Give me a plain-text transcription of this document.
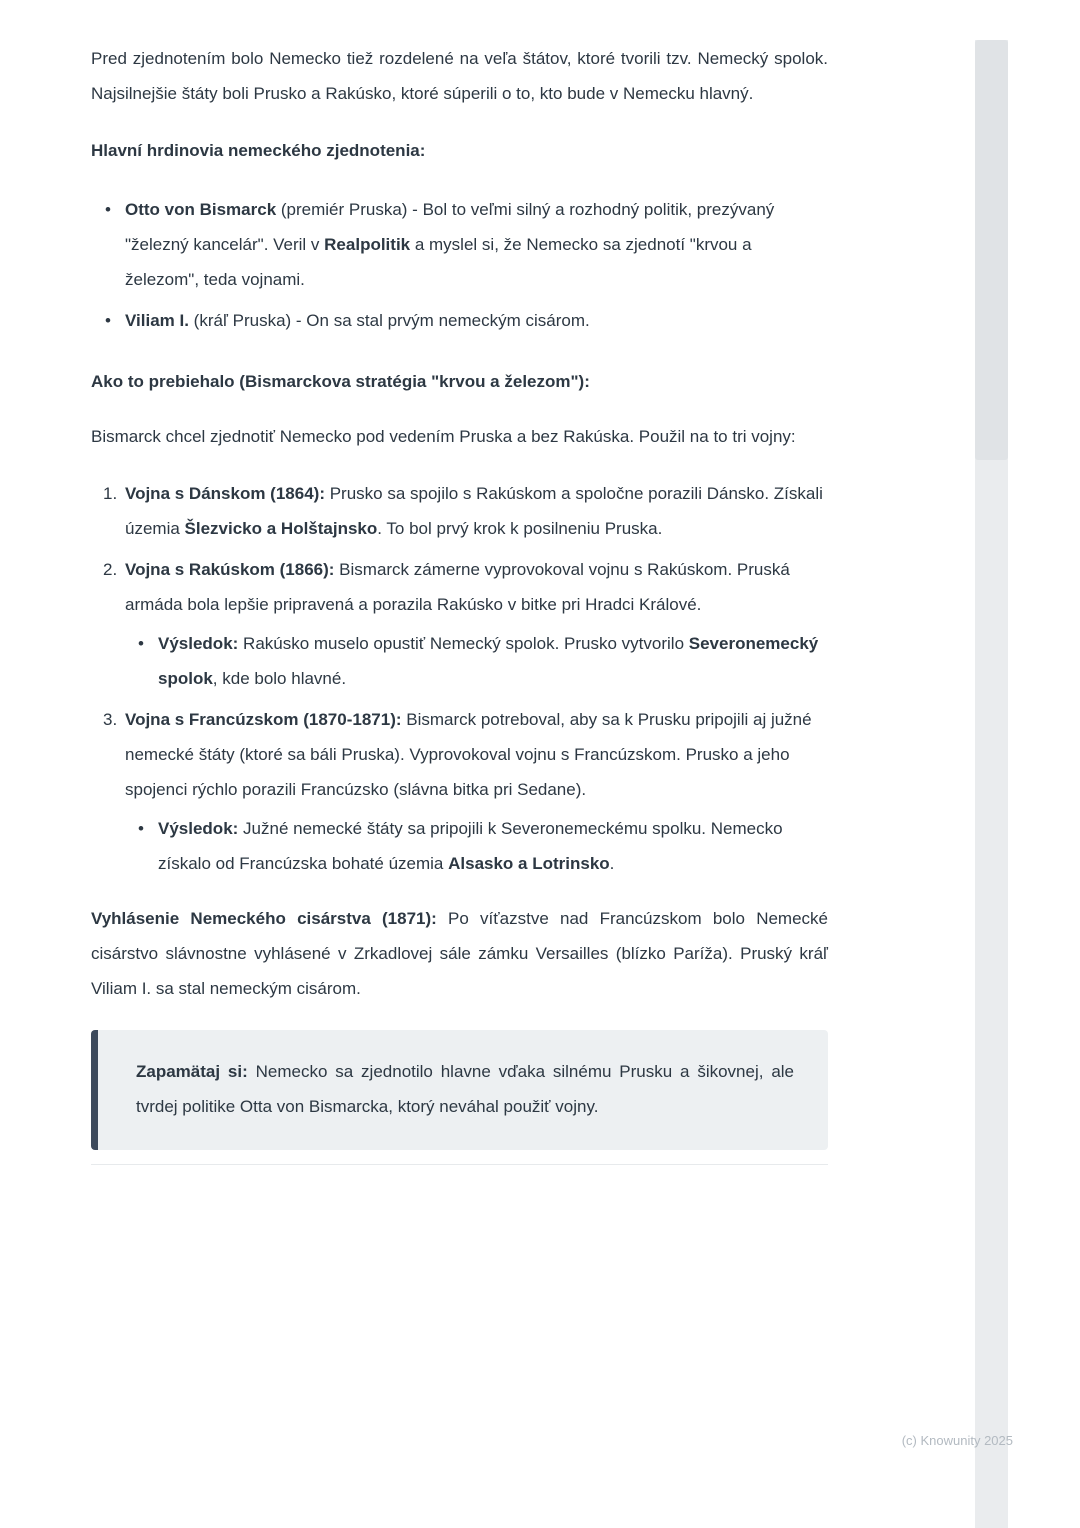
Pred zjednotením bolo Nemecko tiež rozdelené na veľa štátov, ktoré tvorili tzv. Nemecký spolok. Najsilnejšie štáty boli Prusko a Rakúsko, ktoré súperili o to, kto bude v Nemecku hlavný.

Hlavní hrdinovia nemeckého zjednotenia:

•
Otto von Bismarck (premiér Pruska) - Bol to veľmi silný a rozhodný politik, prezývaný "železný kancelár". Veril v Realpolitik a myslel si, že Nemecko sa zjednotí "krvou a železom", teda vojnami.
•
Viliam I. (kráľ Pruska) - On sa stal prvým nemeckým cisárom.

Ako to prebiehalo (Bismarckova stratégia "krvou a železom"):

Bismarck chcel zjednotiť Nemecko pod vedením Pruska a bez Rakúska. Použil na to tri vojny:

1. Vojna s Dánskom (1864): Prusko sa spojilo s Rakúskom a spoločne porazili Dánsko. Získali územia Šlezvicko a Holštajnsko. To bol prvý krok k posilneniu Pruska.
2. Vojna s Rakúskom (1866): Bismarck zámerne vyprovokoval vojnu s Rakúskom. Pruská armáda bola lepšie pripravená a porazila Rakúsko v bitke pri Hradci Králové.
•
Výsledok: Rakúsko muselo opustiť Nemecký spolok. Prusko vytvorilo Severonemecký spolok, kde bolo hlavné.
3. Vojna s Francúzskom (1870-1871): Bismarck potreboval, aby sa k Prusku pripojili aj južné nemecké štáty (ktoré sa báli Pruska). Vyprovokoval vojnu s Francúzskom. Prusko a jeho spojenci rýchlo porazili Francúzsko (slávna bitka pri Sedane).
•
Výsledok: Južné nemecké štáty sa pripojili k Severonemeckému spolku. Nemecko získalo od Francúzska bohaté územia Alsasko a Lotrinsko.

Vyhlásenie Nemeckého cisárstva (1871): Po víťazstve nad Francúzskom bolo Nemecké cisárstvo slávnostne vyhlásené v Zrkadlovej sále zámku Versailles (blízko Paríža). Pruský kráľ Viliam I. sa stal nemeckým cisárom.

Zapamätaj si: Nemecko sa zjednotilo hlavne vďaka silnému Prusku a šikovnej, ale tvrdej politike Otta von Bismarcka, ktorý neváhal použiť vojny.
(c) Knowunity 2025
